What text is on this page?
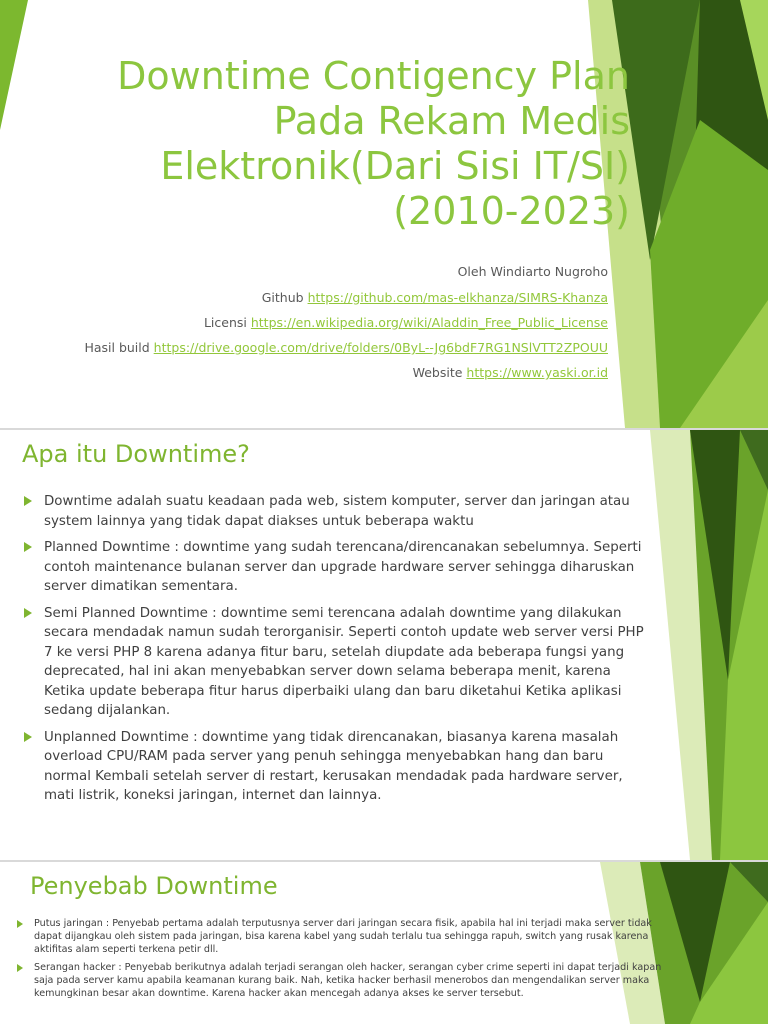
Downtime Contigency Plan Pada Rekam Medis Elektronik(Dari Sisi IT/SI) (2010-2023)
Oleh Windiarto Nugroho
Github https://github.com/mas-elkhanza/SIMRS-Khanza
Licensi https://en.wikipedia.org/wiki/Aladdin_Free_Public_License
Hasil build https://drive.google.com/drive/folders/0ByL--Jg6bdF7RG1NSlVTT2ZPOUU
Website https://www.yaski.or.id
Apa itu Downtime?
Downtime adalah suatu keadaan pada web, sistem komputer, server dan jaringan atau system lainnya yang tidak dapat diakses untuk beberapa waktu
Planned Downtime : downtime yang sudah terencana/direncanakan sebelumnya. Seperti contoh maintenance bulanan server dan upgrade hardware server sehingga diharuskan server dimatikan sementara.
Semi Planned Downtime : downtime semi terencana adalah downtime yang dilakukan secara mendadak namun sudah terorganisir. Seperti contoh update web server versi PHP 7 ke versi PHP 8 karena adanya fitur baru, setelah diupdate ada beberapa fungsi yang deprecated, hal ini akan menyebabkan server down selama beberapa menit, karena Ketika update beberapa fitur harus diperbaiki ulang dan baru diketahui Ketika aplikasi sedang dijalankan.
Unplanned Downtime : downtime yang tidak direncanakan, biasanya karena masalah overload CPU/RAM pada server yang penuh sehingga menyebabkan hang dan baru normal Kembali setelah server di restart, kerusakan mendadak pada hardware server, mati listrik, koneksi jaringan, internet dan lainnya.
Penyebab Downtime
Putus jaringan : Penyebab pertama adalah terputusnya server dari jaringan secara fisik, apabila hal ini terjadi maka server tidak dapat dijangkau oleh sistem pada jaringan, bisa karena kabel yang sudah terlalu tua sehingga rapuh, switch yang rusak karena aktifitas alam seperti terkena petir dll.
Serangan hacker : Penyebab berikutnya adalah terjadi serangan oleh hacker, serangan cyber crime seperti ini dapat terjadi kapan saja pada server kamu apabila keamanan kurang baik. Nah, ketika hacker berhasil menerobos dan mengendalikan server maka kemungkinan besar akan downtime. Karena hacker akan mencegah adanya akses ke server tersebut.
